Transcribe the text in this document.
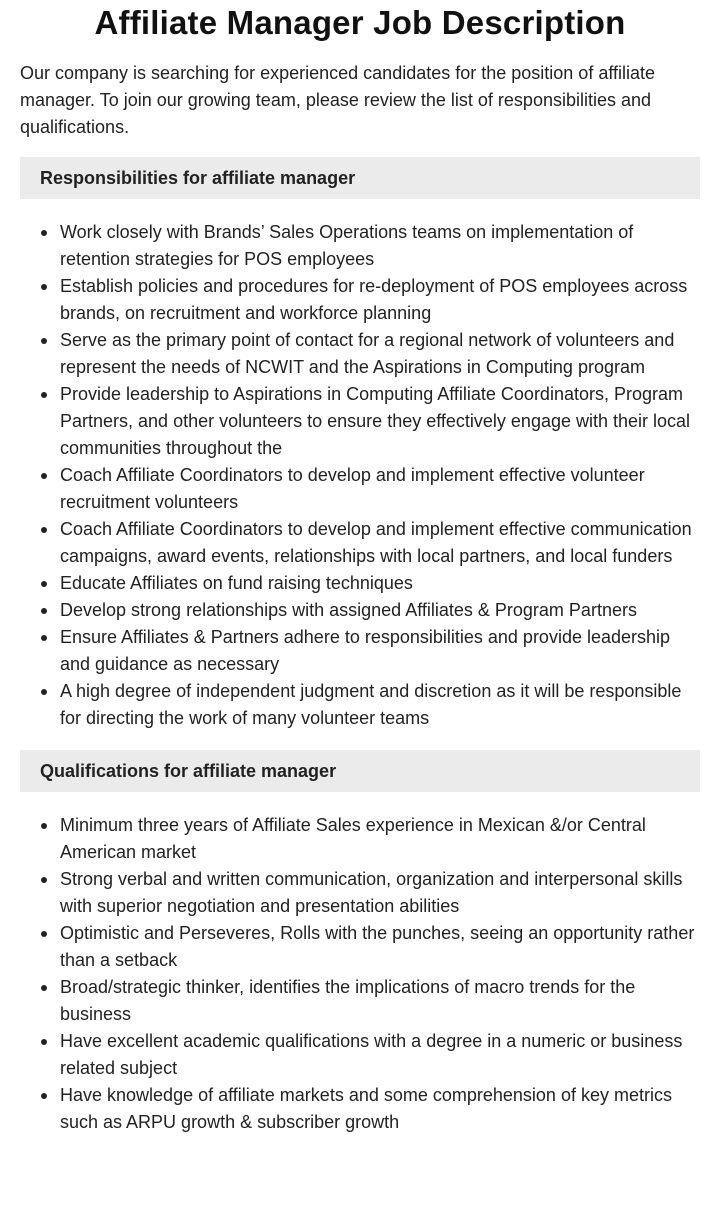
Affiliate Manager Job Description

Our company is searching for experienced candidates for the position of affiliate manager. To join our growing team, please review the list of responsibilities and qualifications.

Responsibilities for affiliate manager
Work closely with Brands’ Sales Operations teams on implementation of retention strategies for POS employees
Establish policies and procedures for re-deployment of POS employees across brands, on recruitment and workforce planning
Serve as the primary point of contact for a regional network of volunteers and represent the needs of NCWIT and the Aspirations in Computing program
Provide leadership to Aspirations in Computing Affiliate Coordinators, Program Partners, and other volunteers to ensure they effectively engage with their local communities throughout the
Coach Affiliate Coordinators to develop and implement effective volunteer recruitment volunteers
Coach Affiliate Coordinators to develop and implement effective communication campaigns, award events, relationships with local partners, and local funders
Educate Affiliates on fund raising techniques
Develop strong relationships with assigned Affiliates & Program Partners
Ensure Affiliates & Partners adhere to responsibilities and provide leadership and guidance as necessary
A high degree of independent judgment and discretion as it will be responsible for directing the work of many volunteer teams
Qualifications for affiliate manager
Minimum three years of Affiliate Sales experience in Mexican &/or Central American market
Strong verbal and written communication, organization and interpersonal skills with superior negotiation and presentation abilities
Optimistic and Perseveres, Rolls with the punches, seeing an opportunity rather than a setback
Broad/strategic thinker, identifies the implications of macro trends for the business
Have excellent academic qualifications with a degree in a numeric or business related subject
Have knowledge of affiliate markets and some comprehension of key metrics such as ARPU growth & subscriber growth
